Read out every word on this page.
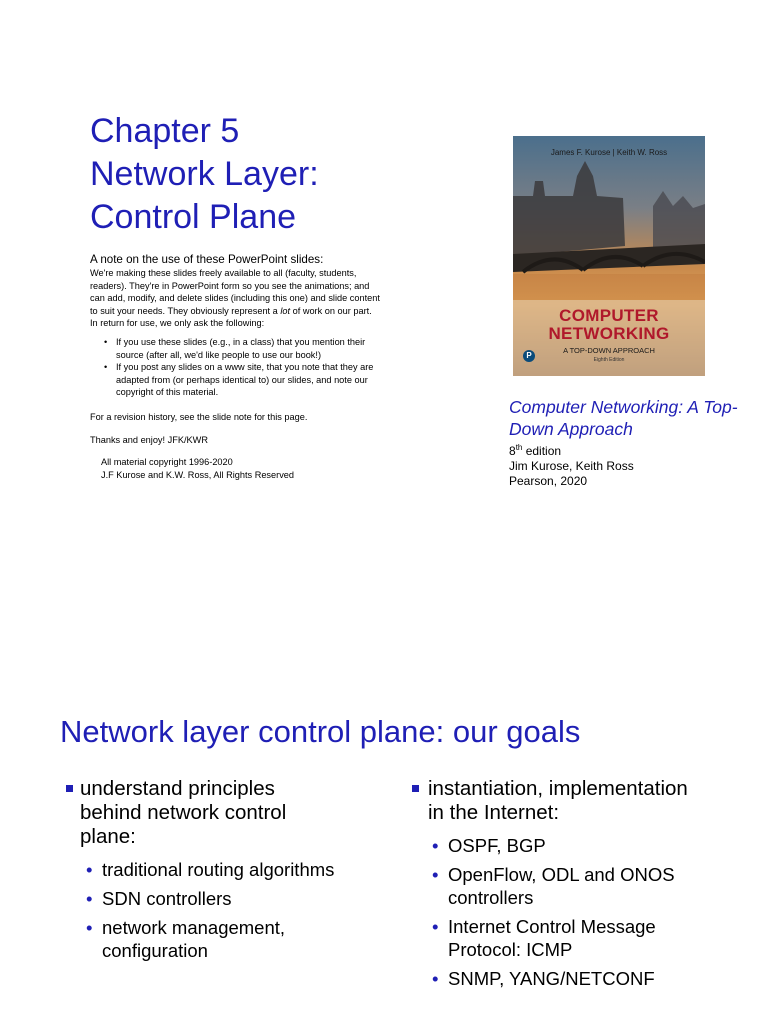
Chapter 5
Network Layer:
Control Plane

A note on the use of these PowerPoint slides:

We're making these slides freely available to all (faculty, students,
readers). They're in PowerPoint form so you see the animations; and
can add, modify, and delete slides (including this one) and slide content
to suit your needs. They obviously represent a lot of work on our part.
In return for use, we only ask the following:

• If you use these slides (e.g., in a class) that you mention their
source (after all, we'd like people to use our book!)
• If you post any slides on a www site, that you note that they are
adapted from (or perhaps identical to) our slides, and note our
copyright of this material.

For a revision history, see the slide note for this page.

Thanks and enjoy! JFK/KWR

All material copyright 1996-2020
J.F Kurose and K.W. Ross, All Rights Reserved

James F. Kurose | Keith W. Ross
COMPUTER
NETWORKING
A TOP-DOWN APPROACH
Eighth Edition
P

Computer Networking: A Top-Down Approach

8th edition
Jim Kurose, Keith Ross
Pearson, 2020
Network layer control plane: our goals
understand principles
behind network control
plane:
• traditional routing algorithms
• SDN controllers
• network management,
configuration
instantiation, implementation
in the Internet:
• OSPF, BGP
• OpenFlow, ODL and ONOS
controllers
• Internet Control Message
Protocol: ICMP
• SNMP, YANG/NETCONF
